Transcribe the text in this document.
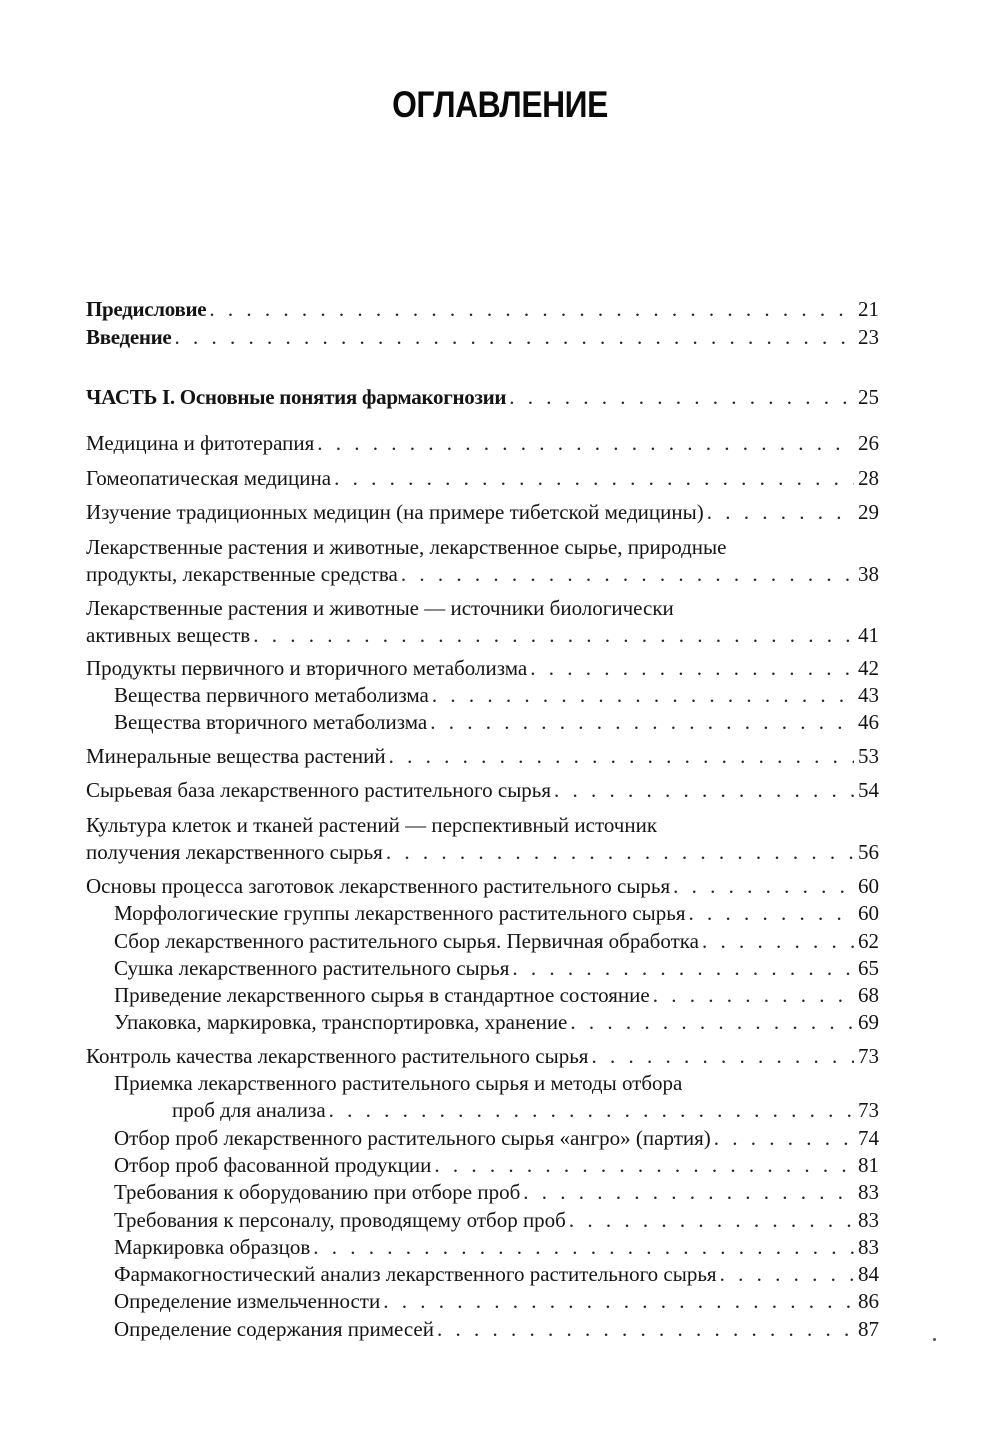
ОГЛАВЛЕНИЕ
Предисловие . . .	21
Введение . . .	23
ЧАСТЬ I. Основные понятия фармакогнозии . . .	25
Медицина и фитотерапия . . .	26
Гомеопатическая медицина . . .	28
Изучение традиционных медицин (на примере тибетской медицины) . . .	29
Лекарственные растения и животные, лекарственное сырье, природные
продукты, лекарственные средства . . .	38
Лекарственные растения и животные — источники биологически
активных веществ . . .	41
Продукты первичного и вторичного метаболизма . . .	42
Вещества первичного метаболизма . . .	43
Вещества вторичного метаболизма . . .	46
Минеральные вещества растений . . .	53
Сырьевая база лекарственного растительного сырья . . .	54
Культура клеток и тканей растений — перспективный источник
получения лекарственного сырья . . .	56
Основы процесса заготовок лекарственного растительного сырья . . .	60
Морфологические группы лекарственного растительного сырья . . .	60
Сбор лекарственного растительного сырья. Первичная обработка . . .	62
Сушка лекарственного растительного сырья . . .	65
Приведение лекарственного сырья в стандартное состояние . . .	68
Упаковка, маркировка, транспортировка, хранение . . .	69
Контроль качества лекарственного растительного сырья . . .	73
Приемка лекарственного растительного сырья и методы отбора
проб для анализа . . .	73
Отбор проб лекарственного растительного сырья «ангро» (партия) . . .	74
Отбор проб фасованной продукции . . .	81
Требования к оборудованию при отборе проб . . .	83
Требования к персоналу, проводящему отбор проб . . .	83
Маркировка образцов . . .	83
Фармакогностический анализ лекарственного растительного сырья . . .	84
Определение измельченности . . .	86
Определение содержания примесей . . .	87
